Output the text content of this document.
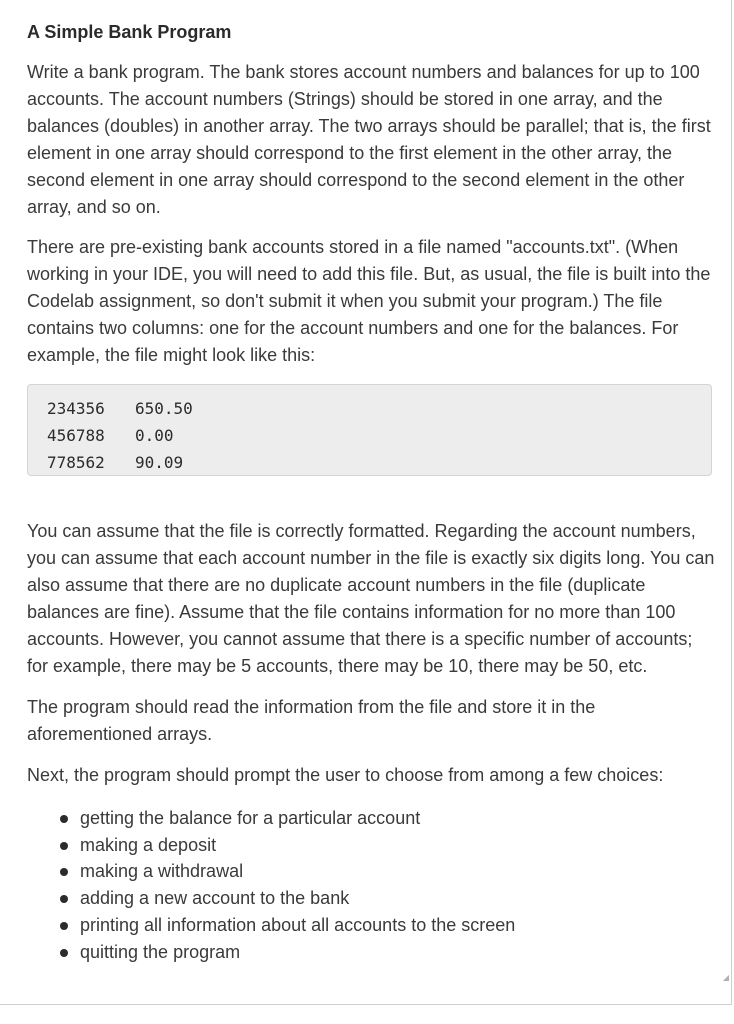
A Simple Bank Program

Write a bank program. The bank stores account numbers and balances for up to 100 accounts. The account numbers (Strings) should be stored in one array, and the balances (doubles) in another array. The two arrays should be parallel; that is, the first element in one array should correspond to the first element in the other array, the second element in one array should correspond to the second element in the other array, and so on.

There are pre-existing bank accounts stored in a file named "accounts.txt". (When working in your IDE, you will need to add this file. But, as usual, the file is built into the Codelab assignment, so don't submit it when you submit your program.) The file contains two columns: one for the account numbers and one for the balances. For example, the file might look like this:

234356 650.50
456788 0.00
778562 90.09

You can assume that the file is correctly formatted. Regarding the account numbers, you can assume that each account number in the file is exactly six digits long. You can also assume that there are no duplicate account numbers in the file (duplicate balances are fine). Assume that the file contains information for no more than 100 accounts. However, you cannot assume that there is a specific number of accounts; for example, there may be 5 accounts, there may be 10, there may be 50, etc.

The program should read the information from the file and store it in the aforementioned arrays.

Next, the program should prompt the user to choose from among a few choices:

getting the balance for a particular account
making a deposit
making a withdrawal
adding a new account to the bank
printing all information about all accounts to the screen
quitting the program
◢
